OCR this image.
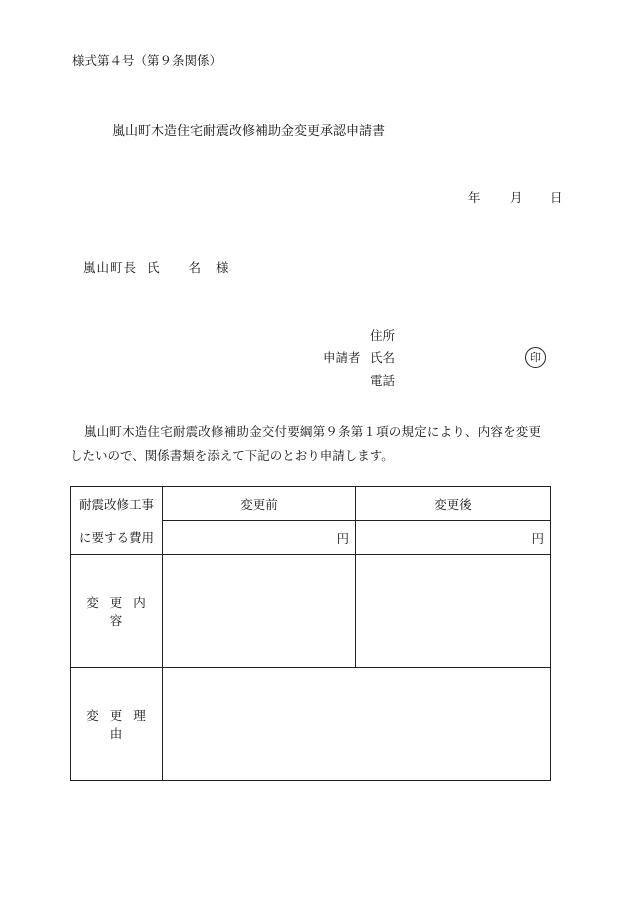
様式第４号（第９条関係）
嵐山町木造住宅耐震改修補助金変更承認申請書
年 月 日
嵐山町長 氏 名 様
申請者
住所
氏名
電話
印

嵐山町木造住宅耐震改修補助金交付要綱第９条第１項の規定により、内容を変更

したいので、関係書類を添えて下記のとおり申請します。

耐震改修工事
に要する費用	変更前	変更後
	円	円
変更内容		
変更理由		
